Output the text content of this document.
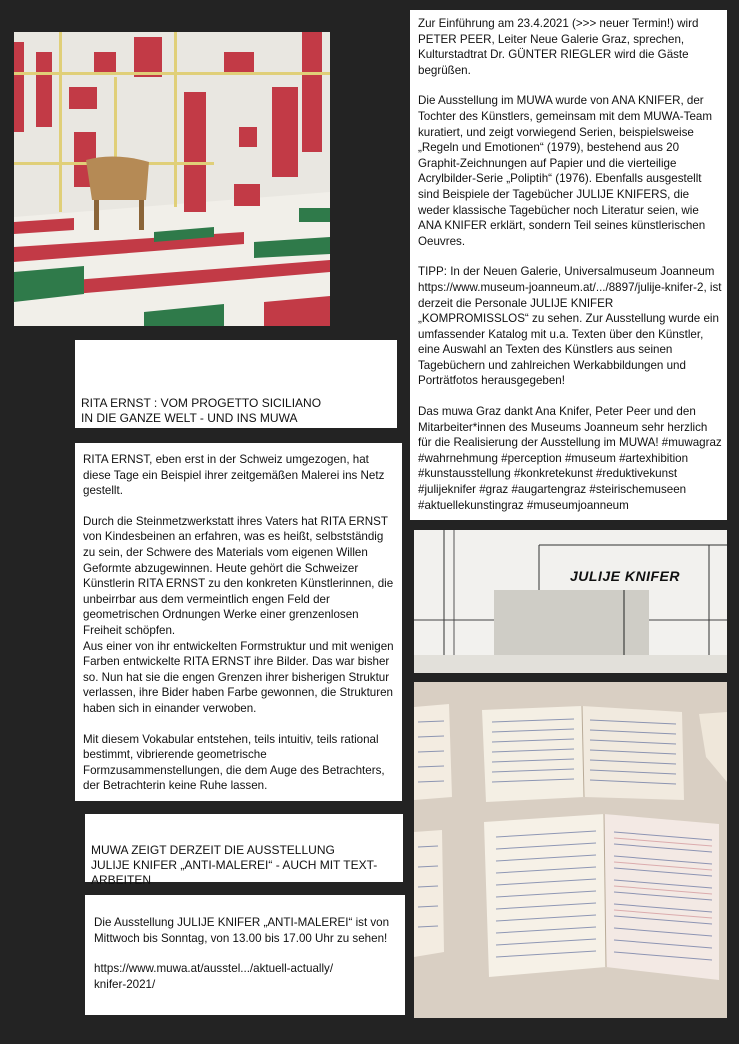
Zur Einführung am 23.4.2021 (>>> neuer Termin!) wird PETER PEER, Leiter Neue Galerie Graz, sprechen, Kulturstadtrat Dr. GÜNTER RIEGLER wird die Gäste begrüßen.

Die Ausstellung im MUWA wurde von ANA KNIFER, der Tochter des Künstlers, gemeinsam mit dem MUWA-Team kuratiert, und zeigt vorwiegend Serien, beispielsweise „Regeln und Emotionen“ (1979), bestehend aus 20 Graphit-Zeichnungen auf Papier und die vierteilige Acrylbilder-Serie „Poliptih“ (1976). Ebenfalls ausgestellt sind Beispiele der Tagebücher JULIJE KNIFERS, die weder klassische Tagebücher noch Literatur seien, wie ANA KNIFER erklärt, sondern Teil seines künstlerischen Oeuvres.

TIPP: In der Neuen Galerie, Universalmuseum Joanneum https://www.museum-joanneum.at/.../8897/julije-knifer-2, ist derzeit die Personale JULIJE KNIFER „KOMPROMISSLOS“ zu sehen. Zur Ausstellung wurde ein umfassender Katalog mit u.a. Texten über den Künstler, eine Auswahl an Texten des Künstlers aus seinen Tagebüchern und zahlreichen Werkabbildungen und Porträtfotos herausgegeben!

Das muwa Graz dankt Ana Knifer, Peter Peer und den Mitarbeiter*innen des Museums Joanneum sehr herzlich für die Realisierung der Ausstellung im MUWA! #muwagraz #wahrnehmung #perception #museum #artexhibition #kunstausstellung #konkretekunst #reduktivekunst #julijeknifer #graz #augartengraz #steirischemuseen #aktuellekunstingraz #museumjoanneum

RITA ERNST : VOM PROGETTO SICILIANO
IN DIE GANZE WELT - UND INS MUWA

RITA ERNST, eben erst in der Schweiz umgezogen, hat diese Tage ein Beispiel ihrer zeitgemäßen Malerei ins Netz gestellt.

Durch die Steinmetzwerkstatt ihres Vaters hat RITA ERNST von Kindesbeinen an erfahren, was es heißt, selbstständig zu sein, der Schwere des Materials vom eigenen Willen Geformte abzugewinnen. Heute gehört die Schweizer Künstlerin RITA ERNST zu den konkreten Künstlerinnen, die unbeirrbar aus dem vermeintlich engen Feld der geometrischen Ordnungen Werke einer grenzenlosen Freiheit schöpfen.
Aus einer von ihr entwickelten Formstruktur und mit wenigen Farben entwickelte RITA ERNST ihre Bilder. Das war bisher so. Nun hat sie die engen Grenzen ihrer bisherigen Struktur verlassen, ihre Bider haben Farbe gewonnen, die Strukturen haben sich in einander verwoben.

Mit diesem Vokabular entstehen, teils intuitiv, teils rational bestimmt, vibrierende geometrische Formzusammenstellungen, die dem Auge des Betrachters, der Betrachterin keine Ruhe lassen.

MUWA ZEIGT DERZEIT DIE AUSSTELLUNG
JULIJE KNIFER „ANTI-MALEREI“ - AUCH MIT TEXT-
ARBEITEN

Die Ausstellung JULIJE KNIFER „ANTI-MALEREI“ ist von Mittwoch bis Sonntag, von 13.00 bis 17.00 Uhr zu sehen!

https://www.muwa.at/ausstel.../aktuell-actually/
knifer-2021/

JULIJE KNIFER
